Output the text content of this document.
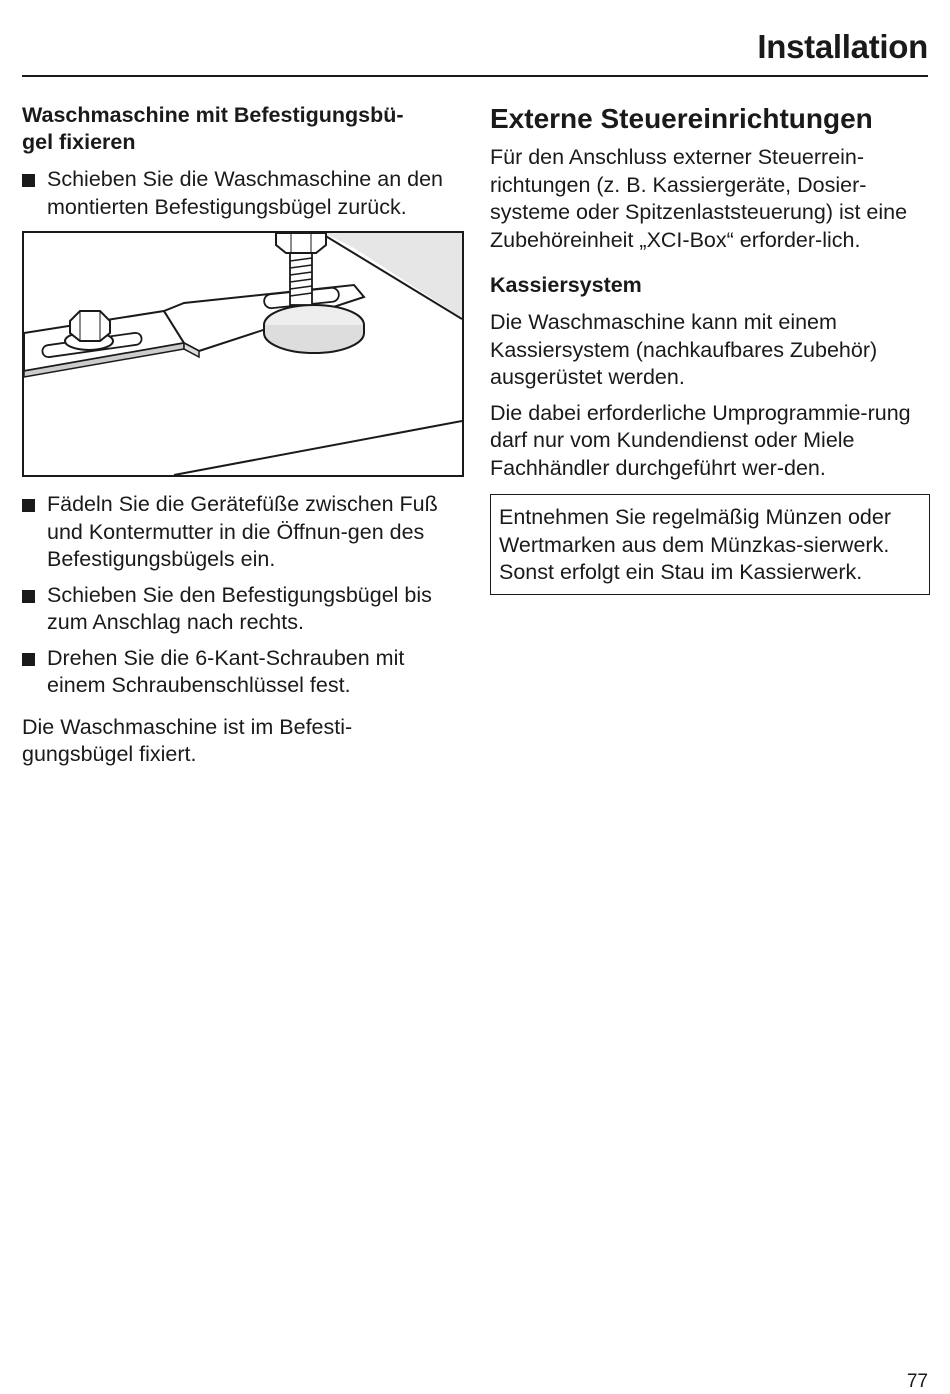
Installation
Waschmaschine mit Befestigungsbü-
gel fixieren
Schieben Sie die Waschmaschine an den montierten Befestigungsbügel zurück.
Fädeln Sie die Gerätefüße zwischen Fuß und Kontermutter in die Öffnun-gen des Befestigungsbügels ein.
Schieben Sie den Befestigungsbügel bis zum Anschlag nach rechts.
Drehen Sie die 6-Kant-Schrauben mit einem Schraubenschlüssel fest.

Die Waschmaschine ist im Befesti-gungsbügel fixiert.

Externe Steuereinrichtungen

Für den Anschluss externer Steuerrein-richtungen (z. B. Kassiergeräte, Dosier-systeme oder Spitzenlaststeuerung) ist eine Zubehöreinheit „XCI-Box“ erforder-lich.

Kassiersystem

Die Waschmaschine kann mit einem Kassiersystem (nachkaufbares Zubehör) ausgerüstet werden.

Die dabei erforderliche Umprogrammie-rung darf nur vom Kundendienst oder Miele Fachhändler durchgeführt wer-den.

Entnehmen Sie regelmäßig Münzen oder Wertmarken aus dem Münzkas-sierwerk. Sonst erfolgt ein Stau im Kassierwerk.

77
